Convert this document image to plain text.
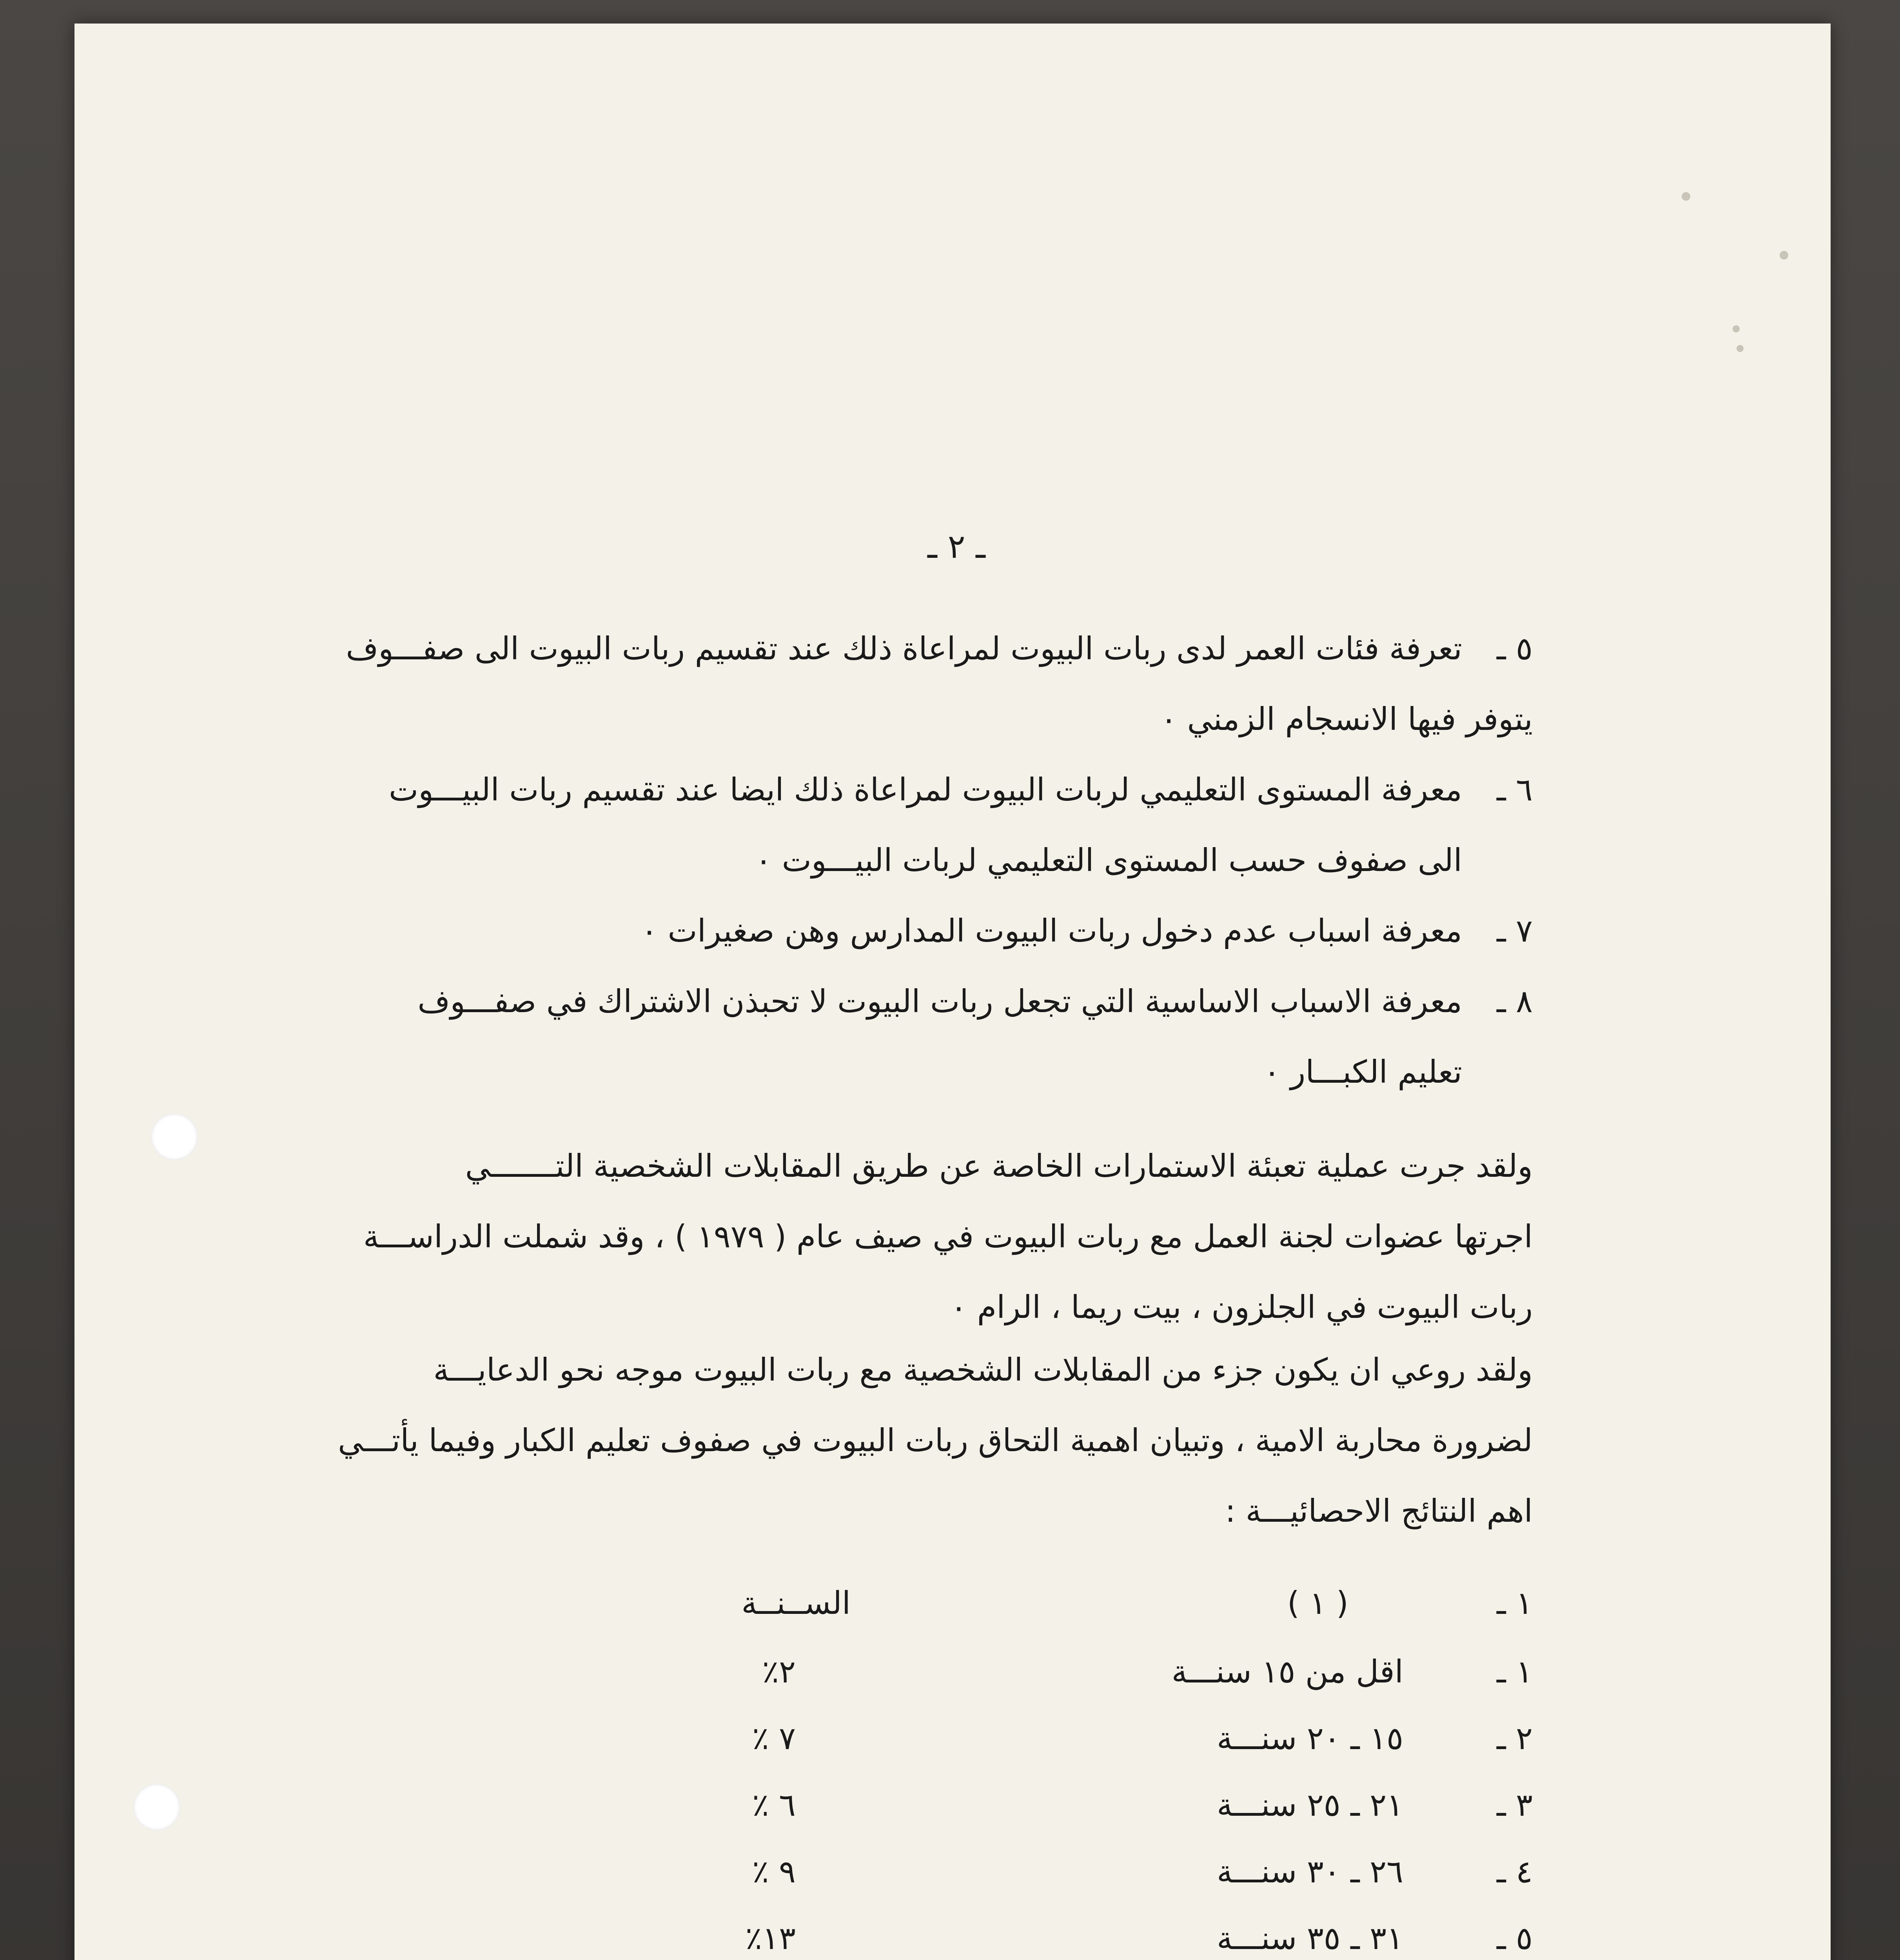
ـ ٢ ـ
٥ ـ

تعرفة فئات العمر لدى ربات البيوت لمراعاة ذلك عند تقسيم ربات البيوت الى صفـــوف

يتوفر فيها الانسجام الزمني ٠

٦ ـ

معرفة المستوى التعليمي لربات البيوت لمراعاة ذلك ايضا عند تقسيم ربات البيـــوت

الى صفوف حسب المستوى التعليمي لربات البيـــوت ٠

٧ ـ

معرفة اسباب عدم دخول ربات البيوت المدارس وهن صغيرات ٠

٨ ـ

معرفة الاسباب الاساسية التي تجعل ربات البيوت لا تحبذن الاشتراك في صفـــوف

تعليم الكبـــار ٠

ولقد جرت عملية تعبئة الاستمارات الخاصة عن طريق المقابلات الشخصية التـــــــي

اجرتها عضوات لجنة العمل مع ربات البيوت في صيف عام ( ١٩٧٩ ) ، وقد شملت الدراســـة

ربات البيوت في الجلزون ، بيت ريما ، الرام ٠

ولقد روعي ان يكون جزء من المقابلات الشخصية مع ربات البيوت موجه نحو الدعايـــة

لضرورة محاربة الامية ، وتبيان اهمية التحاق ربات البيوت في صفوف تعليم الكبار وفيما يأتـــي

اهم النتائج الاحصائيـــة :

١ ـ
( ١ )
الســنــة
١ ـ
اقل من ١٥ سنـــة
٢٪
٢ ـ
١٥ ـ ٢٠ سنـــة
٧ ٪
٣ ـ
٢١ ـ ٢٥ سنـــة
٦ ٪
٤ ـ
٢٦ ـ ٣٠ سنـــة
٩ ٪
٥ ـ
٣١ ـ ٣٥ سنـــة
١٣٪
